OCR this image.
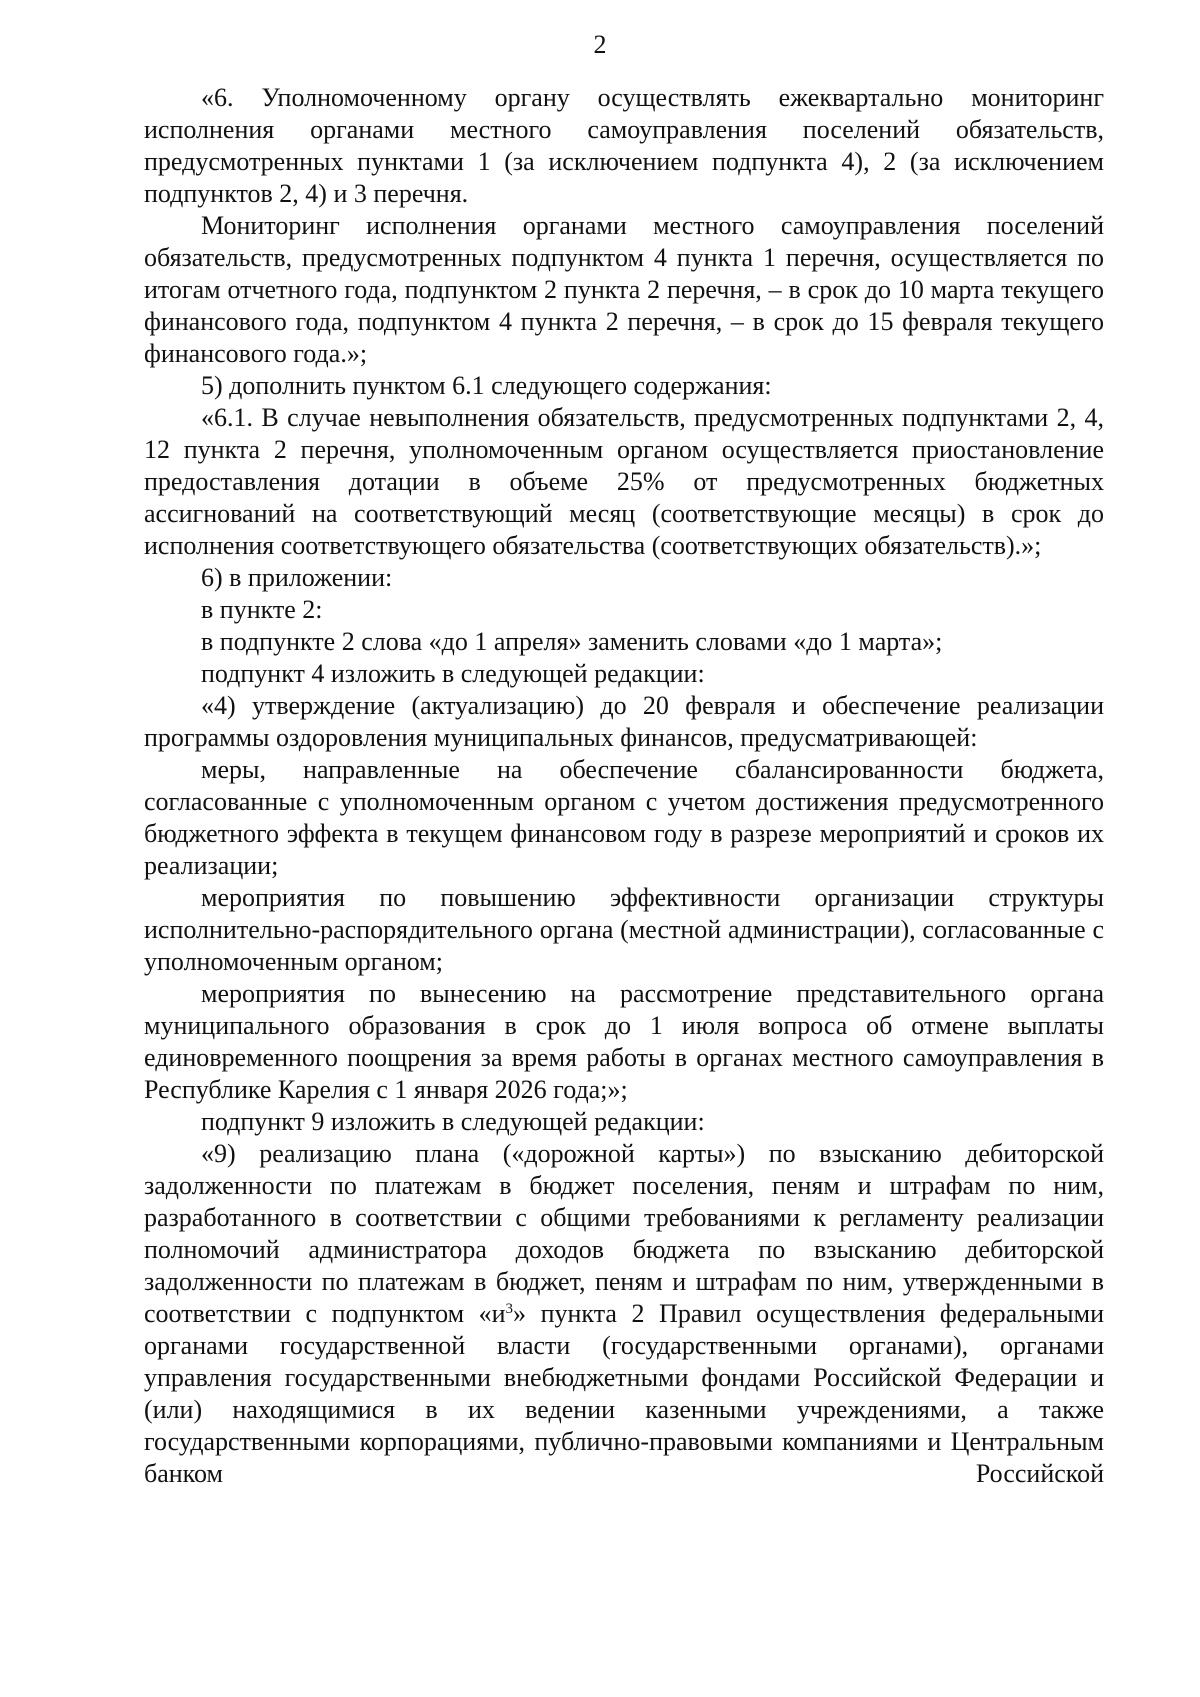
2

«6. Уполномоченному органу осуществлять ежеквартально мониторинг исполнения органами местного самоуправления поселений обязательств, предусмотренных пунктами 1 (за исключением подпункта 4), 2 (за исключением подпунктов 2, 4) и 3 перечня.

Мониторинг исполнения органами местного самоуправления поселений обязательств, предусмотренных подпунктом 4 пункта 1 перечня, осуществляется по итогам отчетного года, подпунктом 2 пункта 2 перечня, – в срок до 10 марта текущего финансового года, подпунктом 4 пункта 2 перечня, – в срок до 15 февраля текущего финансового года.»;

5) дополнить пунктом 6.1 следующего содержания:

«6.1. В случае невыполнения обязательств, предусмотренных подпунктами 2, 4, 12 пункта 2 перечня, уполномоченным органом осуществляется приостановление предоставления дотации в объеме 25% от предусмотренных бюджетных ассигнований на соответствующий месяц (соответствующие месяцы) в срок до исполнения соответствующего обязательства (соответствующих обязательств).»;

6) в приложении:

в пункте 2:

в подпункте 2 слова «до 1 апреля» заменить словами «до 1 марта»;

подпункт 4 изложить в следующей редакции:

«4) утверждение (актуализацию) до 20 февраля и обеспечение реализации программы оздоровления муниципальных финансов, предусматривающей:

меры, направленные на обеспечение сбалансированности бюджета, согласованные с уполномоченным органом с учетом достижения предусмотренного бюджетного эффекта в текущем финансовом году в разрезе мероприятий и сроков их реализации;

мероприятия по повышению эффективности организации структуры исполнительно-распорядительного органа (местной администрации), согласованные с уполномоченным органом;

мероприятия по вынесению на рассмотрение представительного органа муниципального образования в срок до 1 июля вопроса об отмене выплаты единовременного поощрения за время работы в органах местного самоуправления в Республике Карелия с 1 января 2026 года;»;

подпункт 9 изложить в следующей редакции:

«9) реализацию плана («дорожной карты») по взысканию дебиторской задолженности по платежам в бюджет поселения, пеням и штрафам по ним, разработанного в соответствии с общими требованиями к регламенту реализации полномочий администратора доходов бюджета по взысканию дебиторской задолженности по платежам в бюджет, пеням и штрафам по ним, утвержденными в соответствии с подпунктом «$и^3$» пункта 2 Правил осуществления федеральными органами государственной власти (государственными органами), органами управления государственными внебюджетными фондами Российской Федерации и (или) находящимися в их ведении казенными учреждениями, а также государственными корпорациями, публично-правовыми компаниями и Центральным банком Российской
